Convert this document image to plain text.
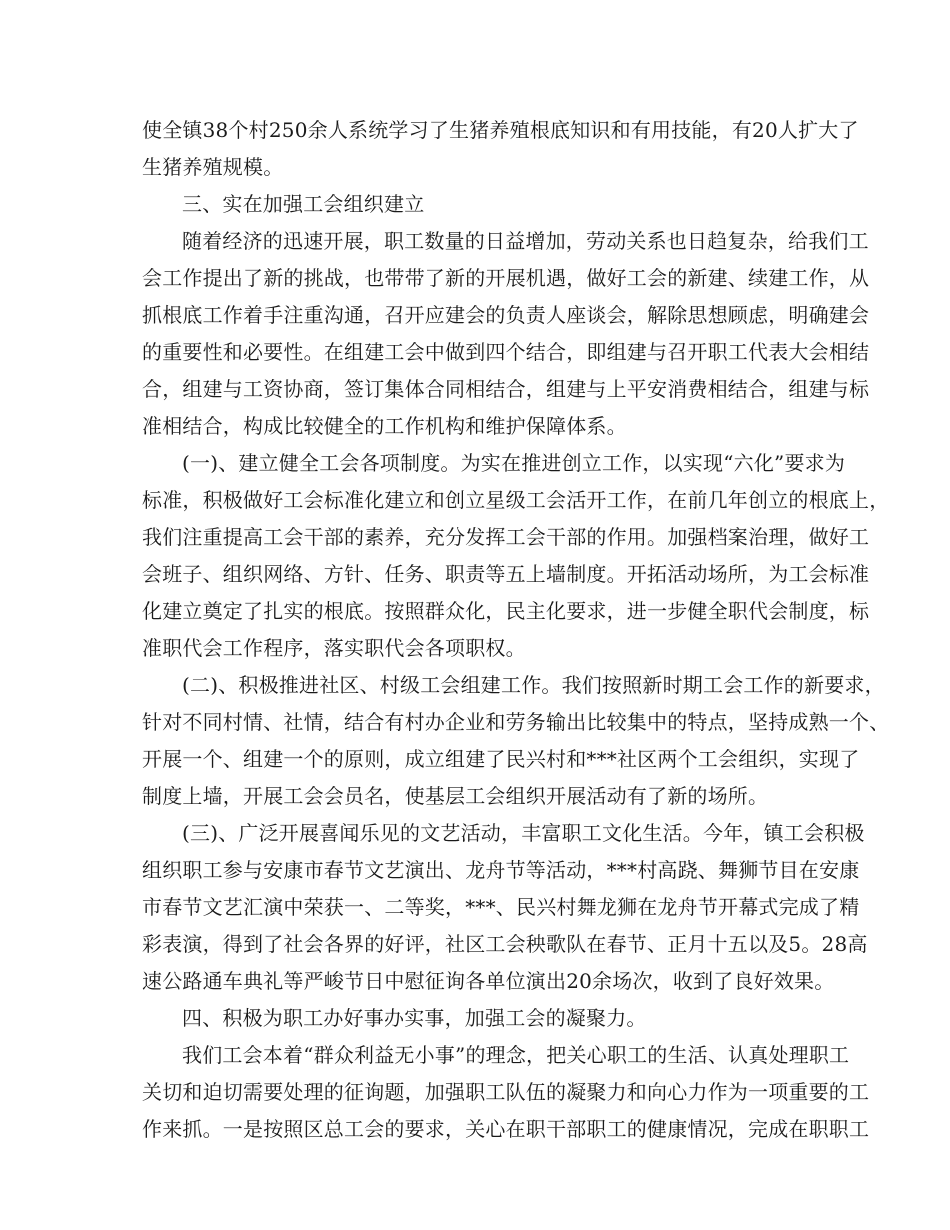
使全镇38个村250余人系统学习了生猪养殖根底知识和有用技能，有20人扩大了
生猪养殖规模。
三、实在加强工会组织建立
随着经济的迅速开展，职工数量的日益增加，劳动关系也日趋复杂，给我们工
会工作提出了新的挑战，也带带了新的开展机遇，做好工会的新建、续建工作，从
抓根底工作着手注重沟通，召开应建会的负责人座谈会，解除思想顾虑，明确建会
的重要性和必要性。在组建工会中做到四个结合，即组建与召开职工代表大会相结
合，组建与工资协商，签订集体合同相结合，组建与上平安消费相结合，组建与标
准相结合，构成比较健全的工作机构和维护保障体系。
(一)、建立健全工会各项制度。为实在推进创立工作，以实现“六化”要求为
标准，积极做好工会标准化建立和创立星级工会活开工作，在前几年创立的根底上，
我们注重提高工会干部的素养，充分发挥工会干部的作用。加强档案治理，做好工
会班子、组织网络、方针、任务、职责等五上墙制度。开拓活动场所，为工会标准
化建立奠定了扎实的根底。按照群众化，民主化要求，进一步健全职代会制度，标
准职代会工作程序，落实职代会各项职权。
(二)、积极推进社区、村级工会组建工作。我们按照新时期工会工作的新要求，
针对不同村情、社情，结合有村办企业和劳务输出比较集中的特点，坚持成熟一个、
开展一个、组建一个的原则，成立组建了民兴村和***社区两个工会组织，实现了
制度上墙，开展工会会员名，使基层工会组织开展活动有了新的场所。
(三)、广泛开展喜闻乐见的文艺活动，丰富职工文化生活。今年，镇工会积极
组织职工参与安康市春节文艺演出、龙舟节等活动，***村高跷、舞狮节目在安康
市春节文艺汇演中荣获一、二等奖，***、民兴村舞龙狮在龙舟节开幕式完成了精
彩表演，得到了社会各界的好评，社区工会秧歌队在春节、正月十五以及5。28高
速公路通车典礼等严峻节日中慰征询各单位演出20余场次，收到了良好效果。
四、积极为职工办好事办实事，加强工会的凝聚力。
我们工会本着“群众利益无小事”的理念，把关心职工的生活、认真处理职工
关切和迫切需要处理的征询题，加强职工队伍的凝聚力和向心力作为一项重要的工
作来抓。一是按照区总工会的要求，关心在职干部职工的健康情况，完成在职职工
